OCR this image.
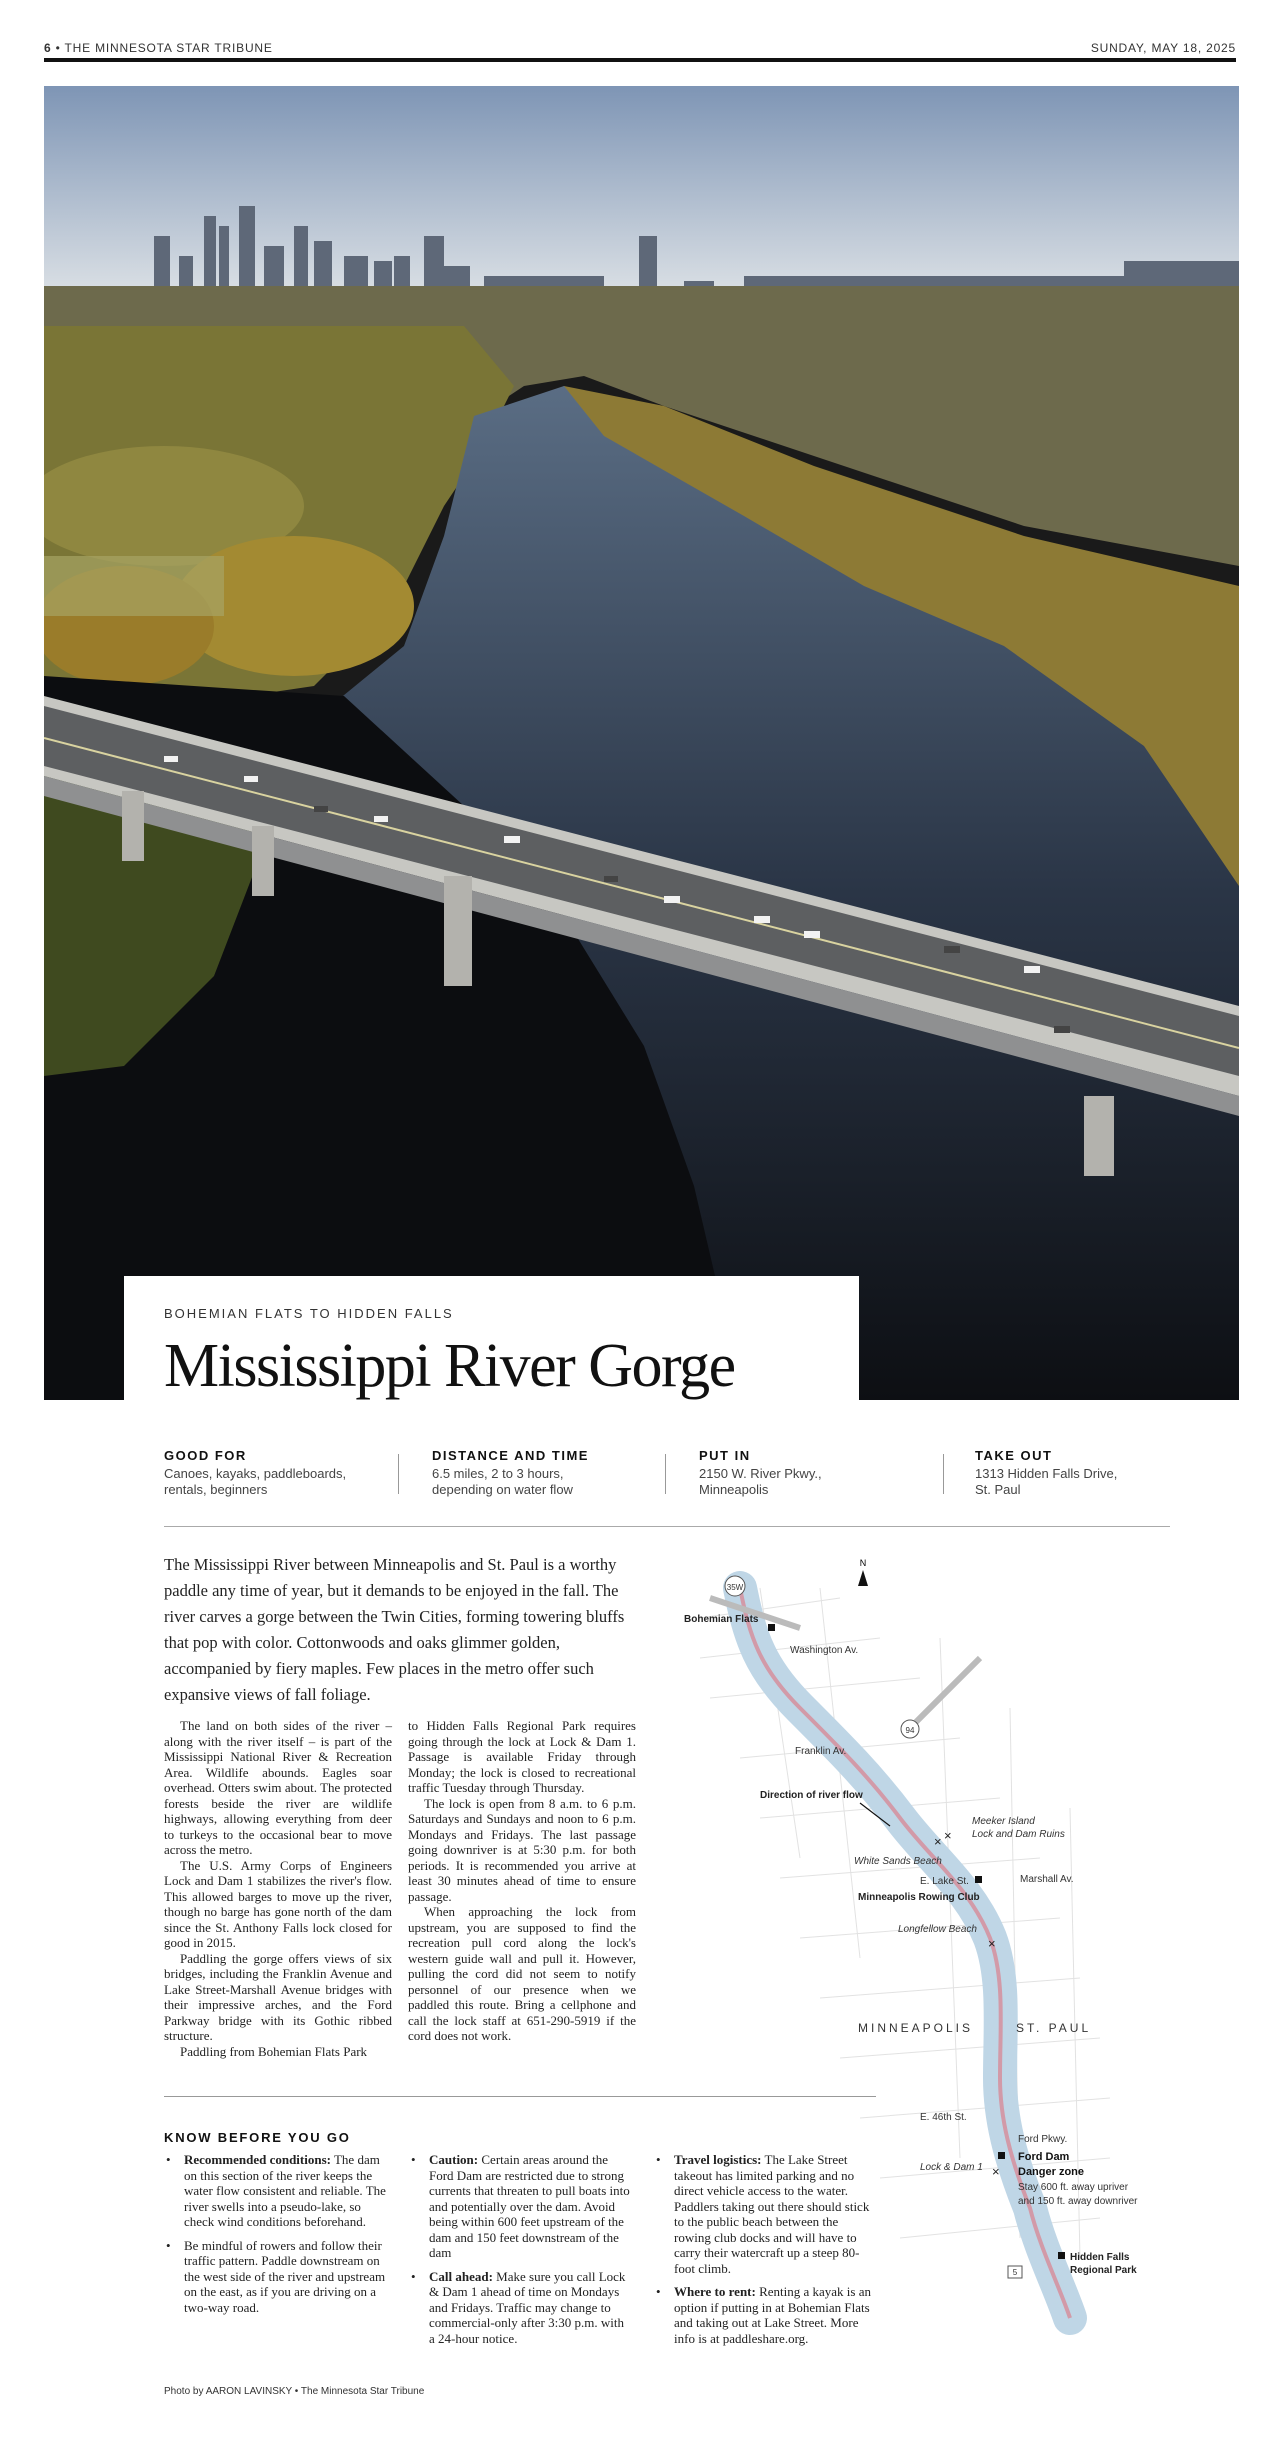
6 • THE MINNESOTA STAR TRIBUNE	SUNDAY, MAY 18, 2025
BOHEMIAN FLATS TO HIDDEN FALLS
Mississippi River Gorge
GOOD FOR

Canoes, kayaks, paddleboards,
rentals, beginners

DISTANCE AND TIME

6.5 miles, 2 to 3 hours,
depending on water flow

PUT IN

2150 W. River Pkwy.,
Minneapolis

TAKE OUT

1313 Hidden Falls Drive,
St. Paul

The Mississippi River between Minneapolis and St. Paul is a worthy paddle any time of year, but it demands to be enjoyed in the fall. The river carves a gorge between the Twin Cities, forming towering bluffs that pop with color. Cottonwoods and oaks glimmer golden, accompanied by fiery maples. Few places in the metro offer such expansive views of fall foliage.

The land on both sides of the river – along with the river itself – is part of the Mississippi National River & Recreation Area. Wildlife abounds. Eagles soar overhead. Otters swim about. The protected forests beside the river are wildlife highways, allowing everything from deer to turkeys to the occasional bear to move across the metro.

The U.S. Army Corps of Engineers Lock and Dam 1 stabilizes the river's flow. This allowed barges to move up the river, though no barge has gone north of the dam since the St. Anthony Falls lock closed for good in 2015.

Paddling the gorge offers views of six bridges, including the Franklin Avenue and Lake Street-Marshall Avenue bridges with their impressive arches, and the Ford Parkway bridge with its Gothic ribbed structure.

Paddling from Bohemian Flats Park

to Hidden Falls Regional Park requires going through the lock at Lock & Dam 1. Passage is available Friday through Monday; the lock is closed to recreational traffic Tuesday through Thursday.

The lock is open from 8 a.m. to 6 p.m. Saturdays and Sundays and noon to 6 p.m. Mondays and Fridays. The last passage going downriver is at 5:30 p.m. for both periods. It is recommended you arrive at least 30 minutes ahead of time to ensure passage.

When approaching the lock from upstream, you are supposed to find the recreation pull cord along the lock's western guide wall and pull it. However, pulling the cord did not seem to notify personnel of our presence when we paddled this route. Bring a cellphone and call the lock staff at 651-290-5919 if the cord does not work.

KNOW BEFORE YOU GO
• Recommended conditions: The dam on this section of the river keeps the water flow consistent and reliable. The river swells into a pseudo-lake, so check wind conditions beforehand.
• Be mindful of rowers and follow their traffic pattern. Paddle downstream on the west side of the river and upstream on the east, as if you are driving on a two-way road.
• Caution: Certain areas around the Ford Dam are restricted due to strong currents that threaten to pull boats into and potentially over the dam. Avoid being within 600 feet upstream of the dam and 150 feet downstream of the dam
• Call ahead: Make sure you call Lock & Dam 1 ahead of time on Mondays and Fridays. Traffic may change to commercial-only after 3:30 p.m. with a 24-hour notice.
• Travel logistics: The Lake Street takeout has limited parking and no direct vehicle access to the water. Paddlers taking out there should stick to the public beach between the rowing club docks and will have to carry their watercraft up a steep 80-foot climb.
• Where to rent: Renting a kayak is an option if putting in at Bohemian Flats and taking out at Lake Street. More info is at paddleshare.org.
35W
94
5
N
Bohemian Flats
Washington Av.
Franklin Av.
Direction of river flow
Meeker Island
Lock and Dam Ruins
× ×
White Sands Beach
E. Lake St.	Marshall Av.
Minneapolis Rowing Club
Longfellow Beach
×
MINNEAPOLIS	ST. PAUL
E. 46th St.
Ford Pkwy.
Ford Dam
Danger zone
Stay 600 ft. away upriver
and 150 ft. away downriver
Lock & Dam 1 ×
Hidden Falls
Regional Park
Photo by AARON LAVINSKY • The Minnesota Star Tribune
